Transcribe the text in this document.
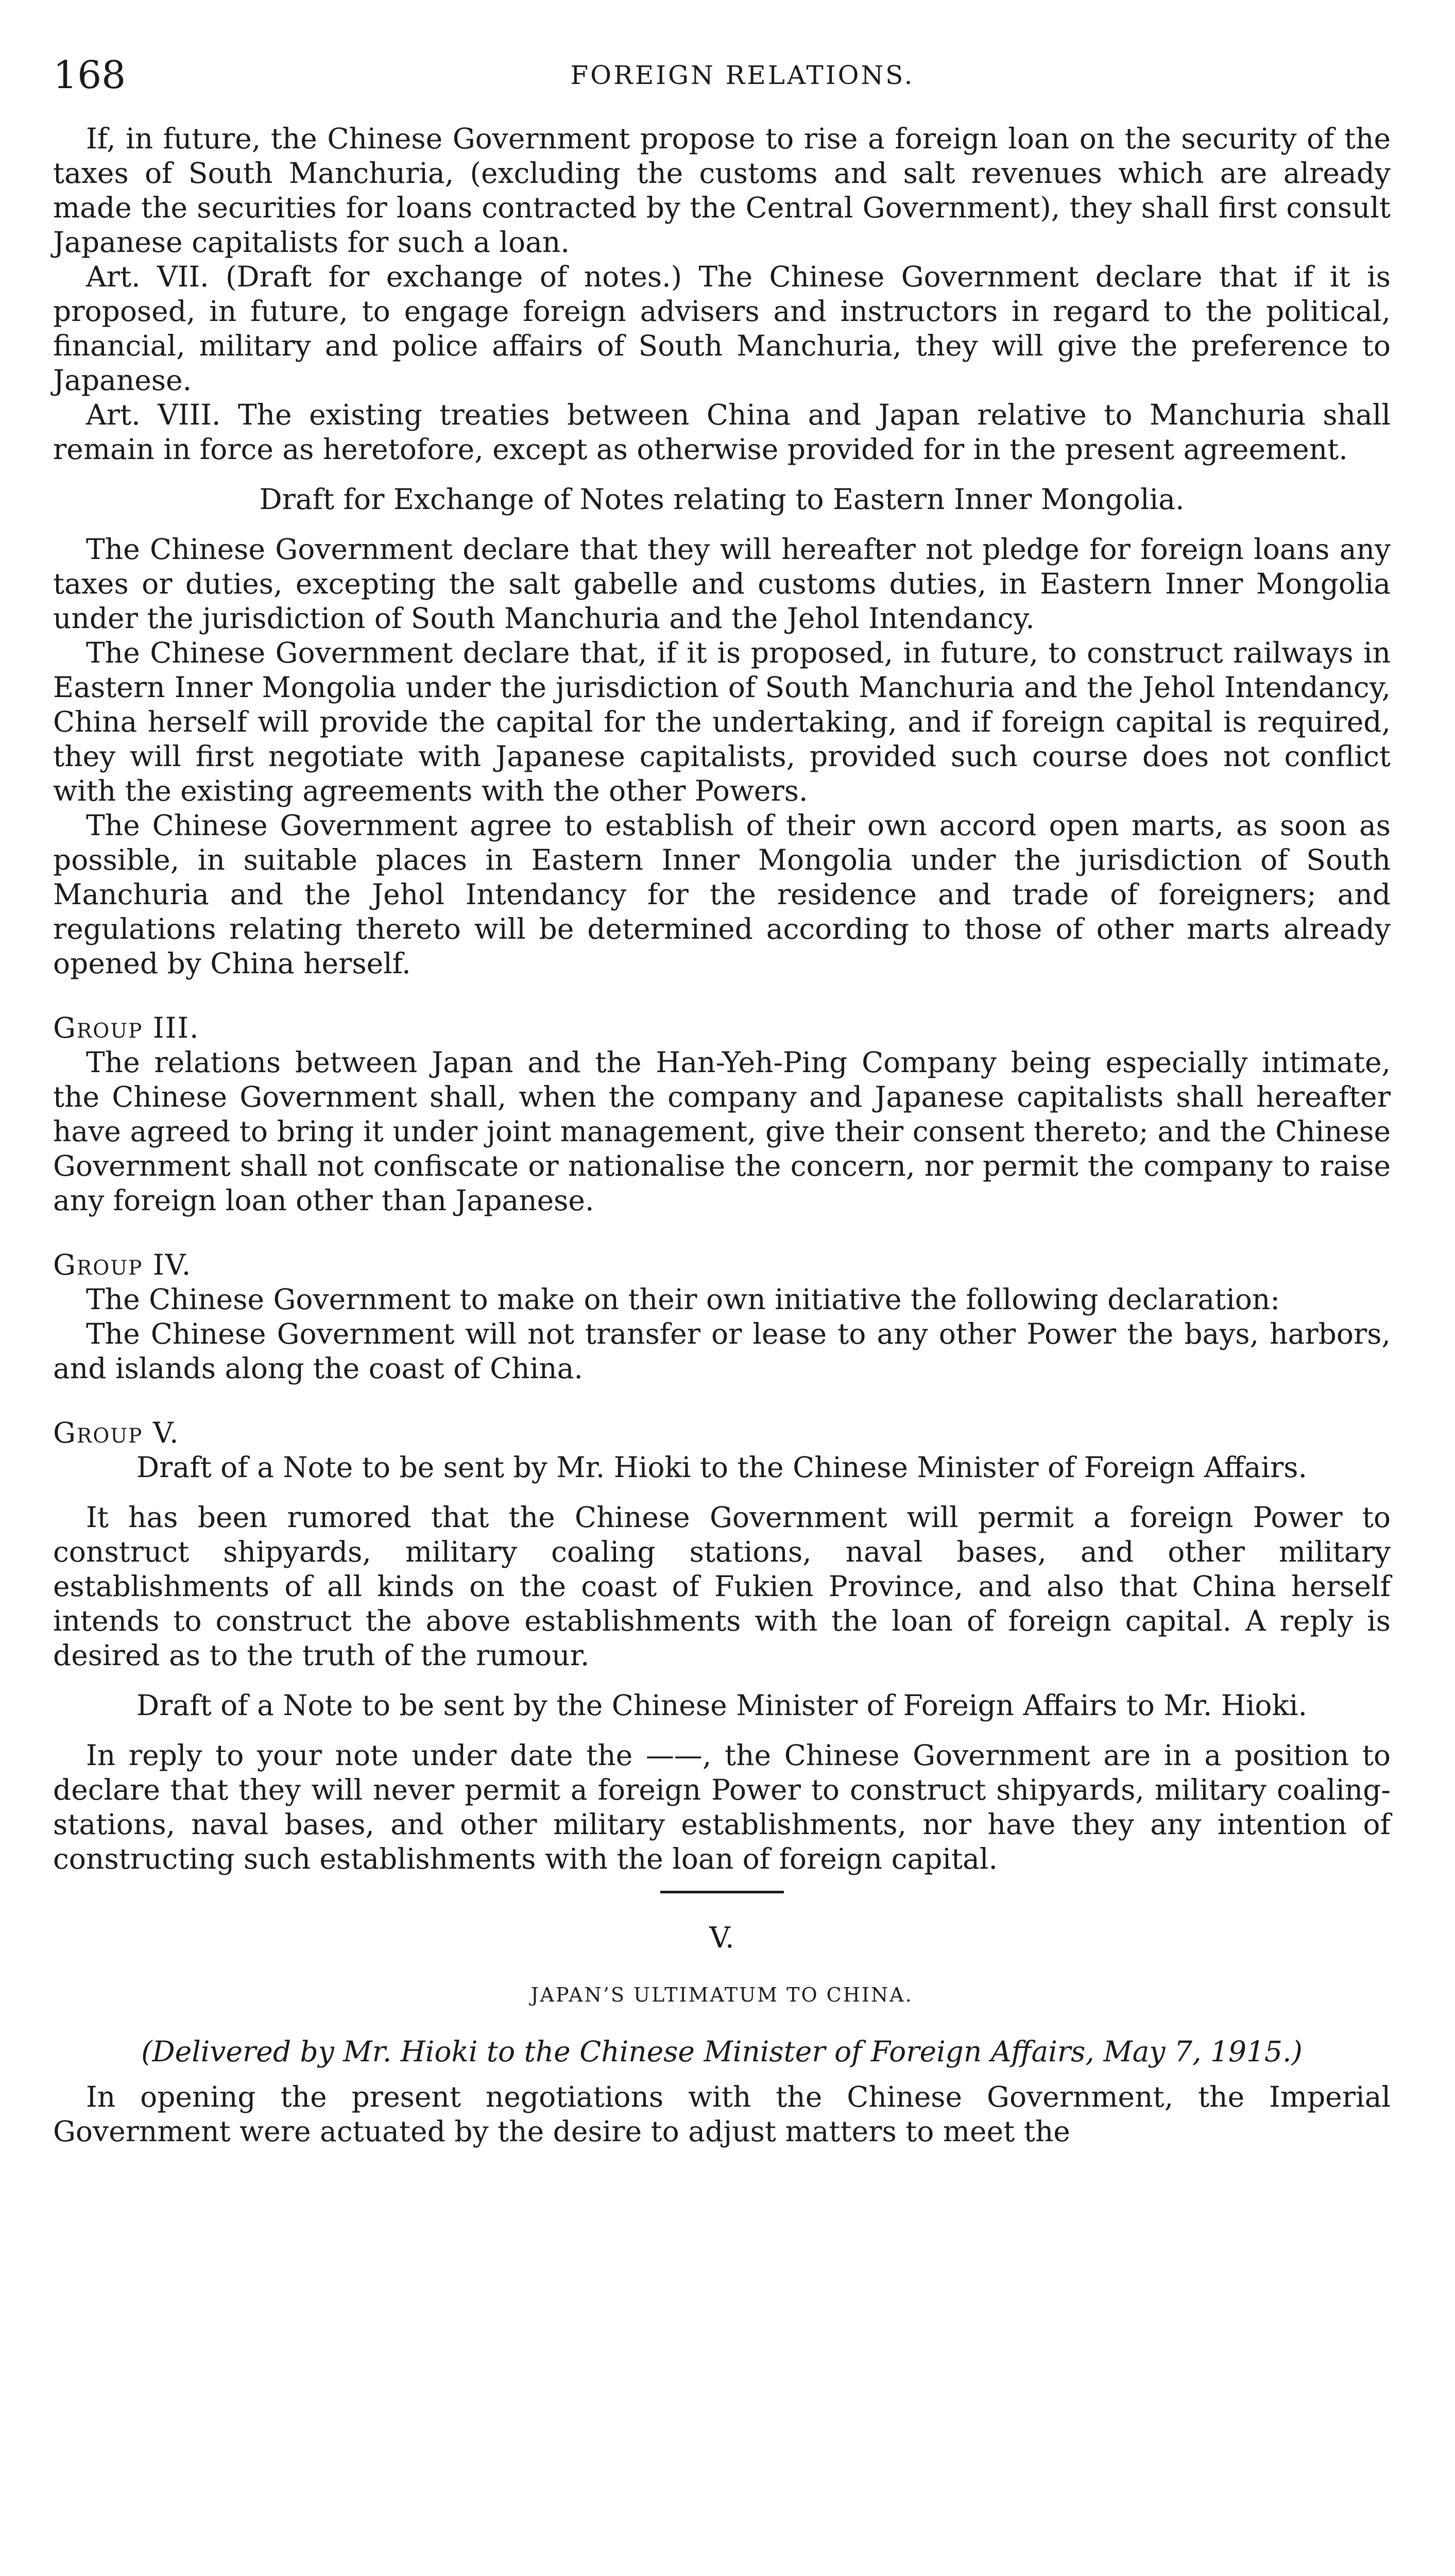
168	FOREIGN RELATIONS.

If, in future, the Chinese Government propose to rise a foreign loan on the security of the taxes of South Manchuria, (excluding the customs and salt revenues which are already made the securities for loans contracted by the Central Government), they shall first consult Japanese capitalists for such a loan.

Art. VII. (Draft for exchange of notes.) The Chinese Government declare that if it is proposed, in future, to engage foreign advisers and instructors in regard to the political, financial, military and police affairs of South Manchuria, they will give the preference to Japanese.

Art. VIII. The existing treaties between China and Japan relative to Manchuria shall remain in force as heretofore, except as otherwise provided for in the present agreement.

Draft for Exchange of Notes relating to Eastern Inner Mongolia.

The Chinese Government declare that they will hereafter not pledge for foreign loans any taxes or duties, excepting the salt gabelle and customs duties, in Eastern Inner Mongolia under the jurisdiction of South Manchuria and the Jehol Intendancy.

The Chinese Government declare that, if it is proposed, in future, to construct railways in Eastern Inner Mongolia under the jurisdiction of South Manchuria and the Jehol Intendancy, China herself will provide the capital for the undertaking, and if foreign capital is required, they will first negotiate with Japanese capitalists, provided such course does not conflict with the existing agreements with the other Powers.

The Chinese Government agree to establish of their own accord open marts, as soon as possible, in suitable places in Eastern Inner Mongolia under the jurisdiction of South Manchuria and the Jehol Intendancy for the residence and trade of foreigners; and regulations relating thereto will be determined according to those of other marts already opened by China herself.

Group III.

The relations between Japan and the Han-Yeh-Ping Company being especially intimate, the Chinese Government shall, when the company and Japanese capitalists shall hereafter have agreed to bring it under joint management, give their consent thereto; and the Chinese Government shall not confiscate or nationalise the concern, nor permit the company to raise any foreign loan other than Japanese.

Group IV.

The Chinese Government to make on their own initiative the following declaration:

The Chinese Government will not transfer or lease to any other Power the bays, harbors, and islands along the coast of China.

Group V.
Draft of a Note to be sent by Mr. Hioki to the Chinese Minister of Foreign Affairs.

It has been rumored that the Chinese Government will permit a foreign Power to construct shipyards, military coaling stations, naval bases, and other military establishments of all kinds on the coast of Fukien Province, and also that China herself intends to construct the above establishments with the loan of foreign capital. A reply is desired as to the truth of the rumour.

Draft of a Note to be sent by the Chinese Minister of Foreign Affairs to Mr. Hioki.

In reply to your note under date the ——, the Chinese Government are in a position to declare that they will never permit a foreign Power to construct shipyards, military coaling-stations, naval bases, and other military establishments, nor have they any intention of constructing such establishments with the loan of foreign capital.

V.
JAPAN’S ULTIMATUM TO CHINA.
(Delivered by Mr. Hioki to the Chinese Minister of Foreign Affairs, May 7, 1915.)

In opening the present negotiations with the Chinese Government, the Imperial Government were actuated by the desire to adjust matters to meet the
